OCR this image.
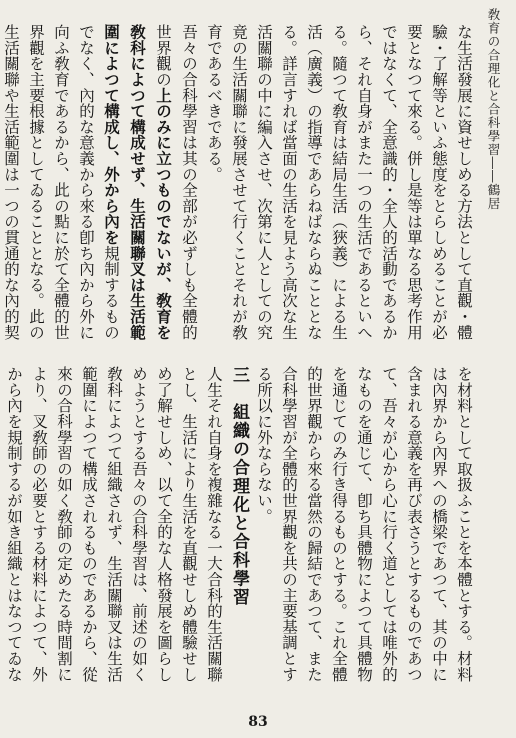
敎育の合理化と合科學習――鶴居

な生活發展に資せしめる方法として直觀・體驗・了解等といふ態度をとらしめることが必要となつて來る。併し是等は單なる思考作用ではなくて、全意識的・全人的活動であるから、それ自身がまた一つの生活であるといへる。隨つて敎育は結局生活（狹義）による生活（廣義）の指導であらねばならぬこととなる。詳言すれば當面の生活を見よう高次な生活關聯の中に編入させ、次第に人としての究竟の生活關聯に發展させて行くことそれが敎育であるべきである。

吾々の合科學習は其の全部が必ずしも全體的世界觀の上のみに立つものでないが、敎育を敎科によつて構成せず、生活關聯叉は生活範圍によつて構成し、外から內を規制するものでなく、內的な意義から來る卽ち內から外に向ふ敎育であるから、此の點に於て全體的世界觀を主要根據としてゐることとなる。此の生活關聯や生活範圍は一つの貫通的な內的契

を材料として取扱ふことを本體とする。材料は內界から內界への橋梁であつて、其の中に含まれる意義を再び表さうとするものであつて、吾々が心から心に行く道としては唯外的なものを通じて、卽ち具體物によつて具體物を通じてのみ行き得るものとする。これ全體的世界觀から來る當然の歸結であつて、また合科學習が全體的世界觀を共の主要基調とする所以に外ならない。

三　組織の合理化と合科學習

人生それ自身を複雜なる一大合科的生活關聯とし、生活により生活を直觀せしめ體驗せしめ了解せしめ、以て全的な人格發展を圖らしめようとする吾々の合科學習は、前述の如く敎科によつて組織されず、生活關聯叉は生活範圍によつて構成されるものであるから、從來の合科學習の如く敎師の定めたる時間割により、叉敎師の必要とする材料によつて、外から內を規制するが如き組織とはなつてゐな

83
